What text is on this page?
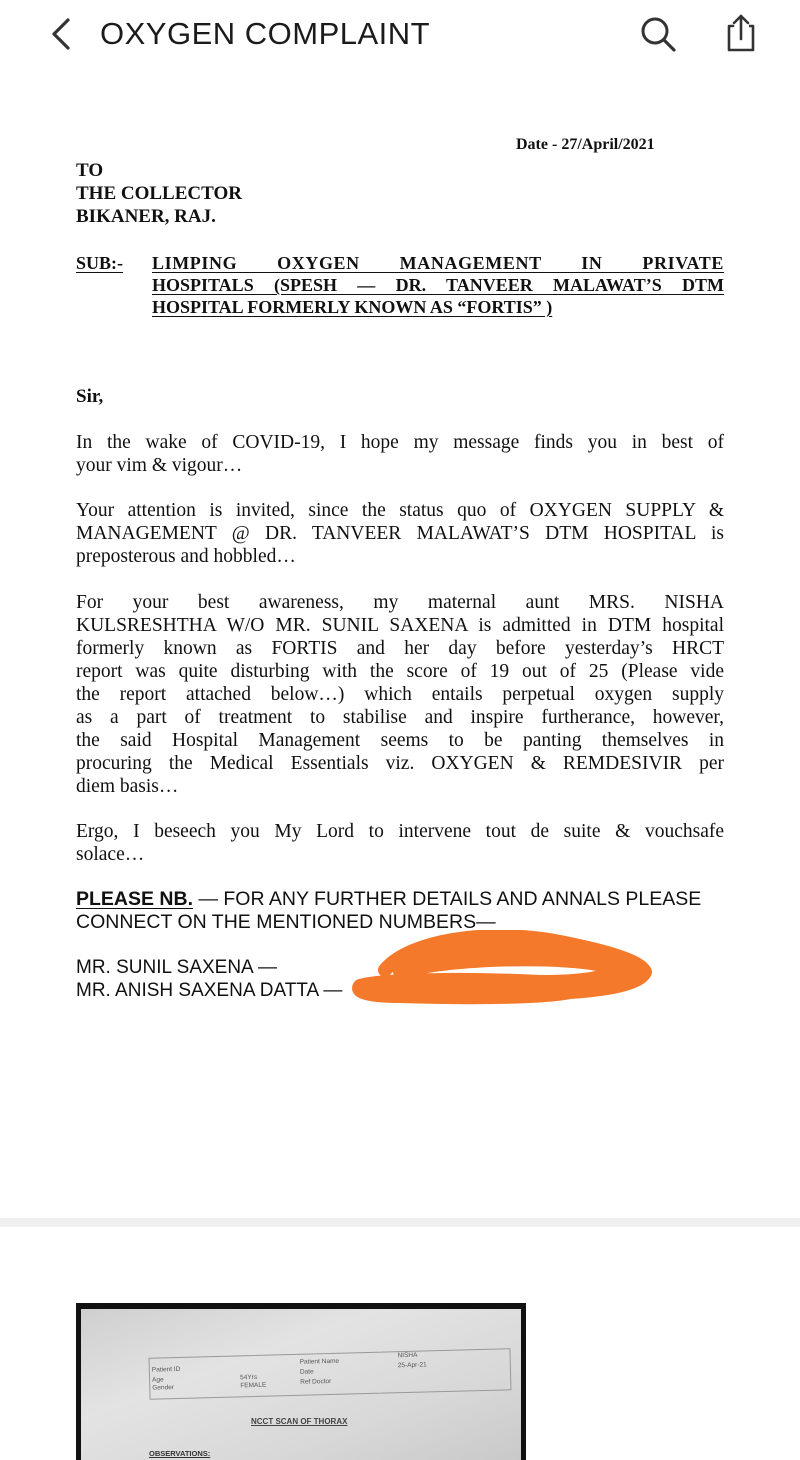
OXYGEN COMPLAINT
Date - 27/April/2021
TO
THE COLLECTOR
BIKANER, RAJ.
SUB:- LIMPING OXYGEN MANAGEMENT IN PRIVATE
HOSPITALS (SPESH — DR. TANVEER MALAWAT’S DTM
HOSPITAL FORMERLY KNOWN AS “FORTIS” )
Sir,
In the wake of COVID-19, I hope my message finds you in best of
your vim & vigour…
Your attention is invited, since the status quo of OXYGEN SUPPLY &
MANAGEMENT @ DR. TANVEER MALAWAT’S DTM HOSPITAL is
preposterous and hobbled…
For your best awareness, my maternal aunt MRS. NISHA
KULSRESHTHA W/O MR. SUNIL SAXENA is admitted in DTM hospital
formerly known as FORTIS and her day before yesterday’s HRCT
report was quite disturbing with the score of 19 out of 25 (Please vide
the report attached below…) which entails perpetual oxygen supply
as a part of treatment to stabilise and inspire furtherance, however,
the said Hospital Management seems to be panting themselves in
procuring the Medical Essentials viz. OXYGEN & REMDESIVIR per
diem basis…
Ergo, I beseech you My Lord to intervene tout de suite & vouchsafe
solace…
PLEASE NB. — FOR ANY FURTHER DETAILS AND ANNALS PLEASE
CONNECT ON THE MENTIONED NUMBERS—
MR. SUNIL SAXENA —
MR. ANISH SAXENA DATTA —
Patient ID
Age
Gender
54Yrs
FEMALE
Patient Name
Date
Ref Doctor
NISHA
25-Apr-21
NCCT SCAN OF THORAX
OBSERVATIONS:
